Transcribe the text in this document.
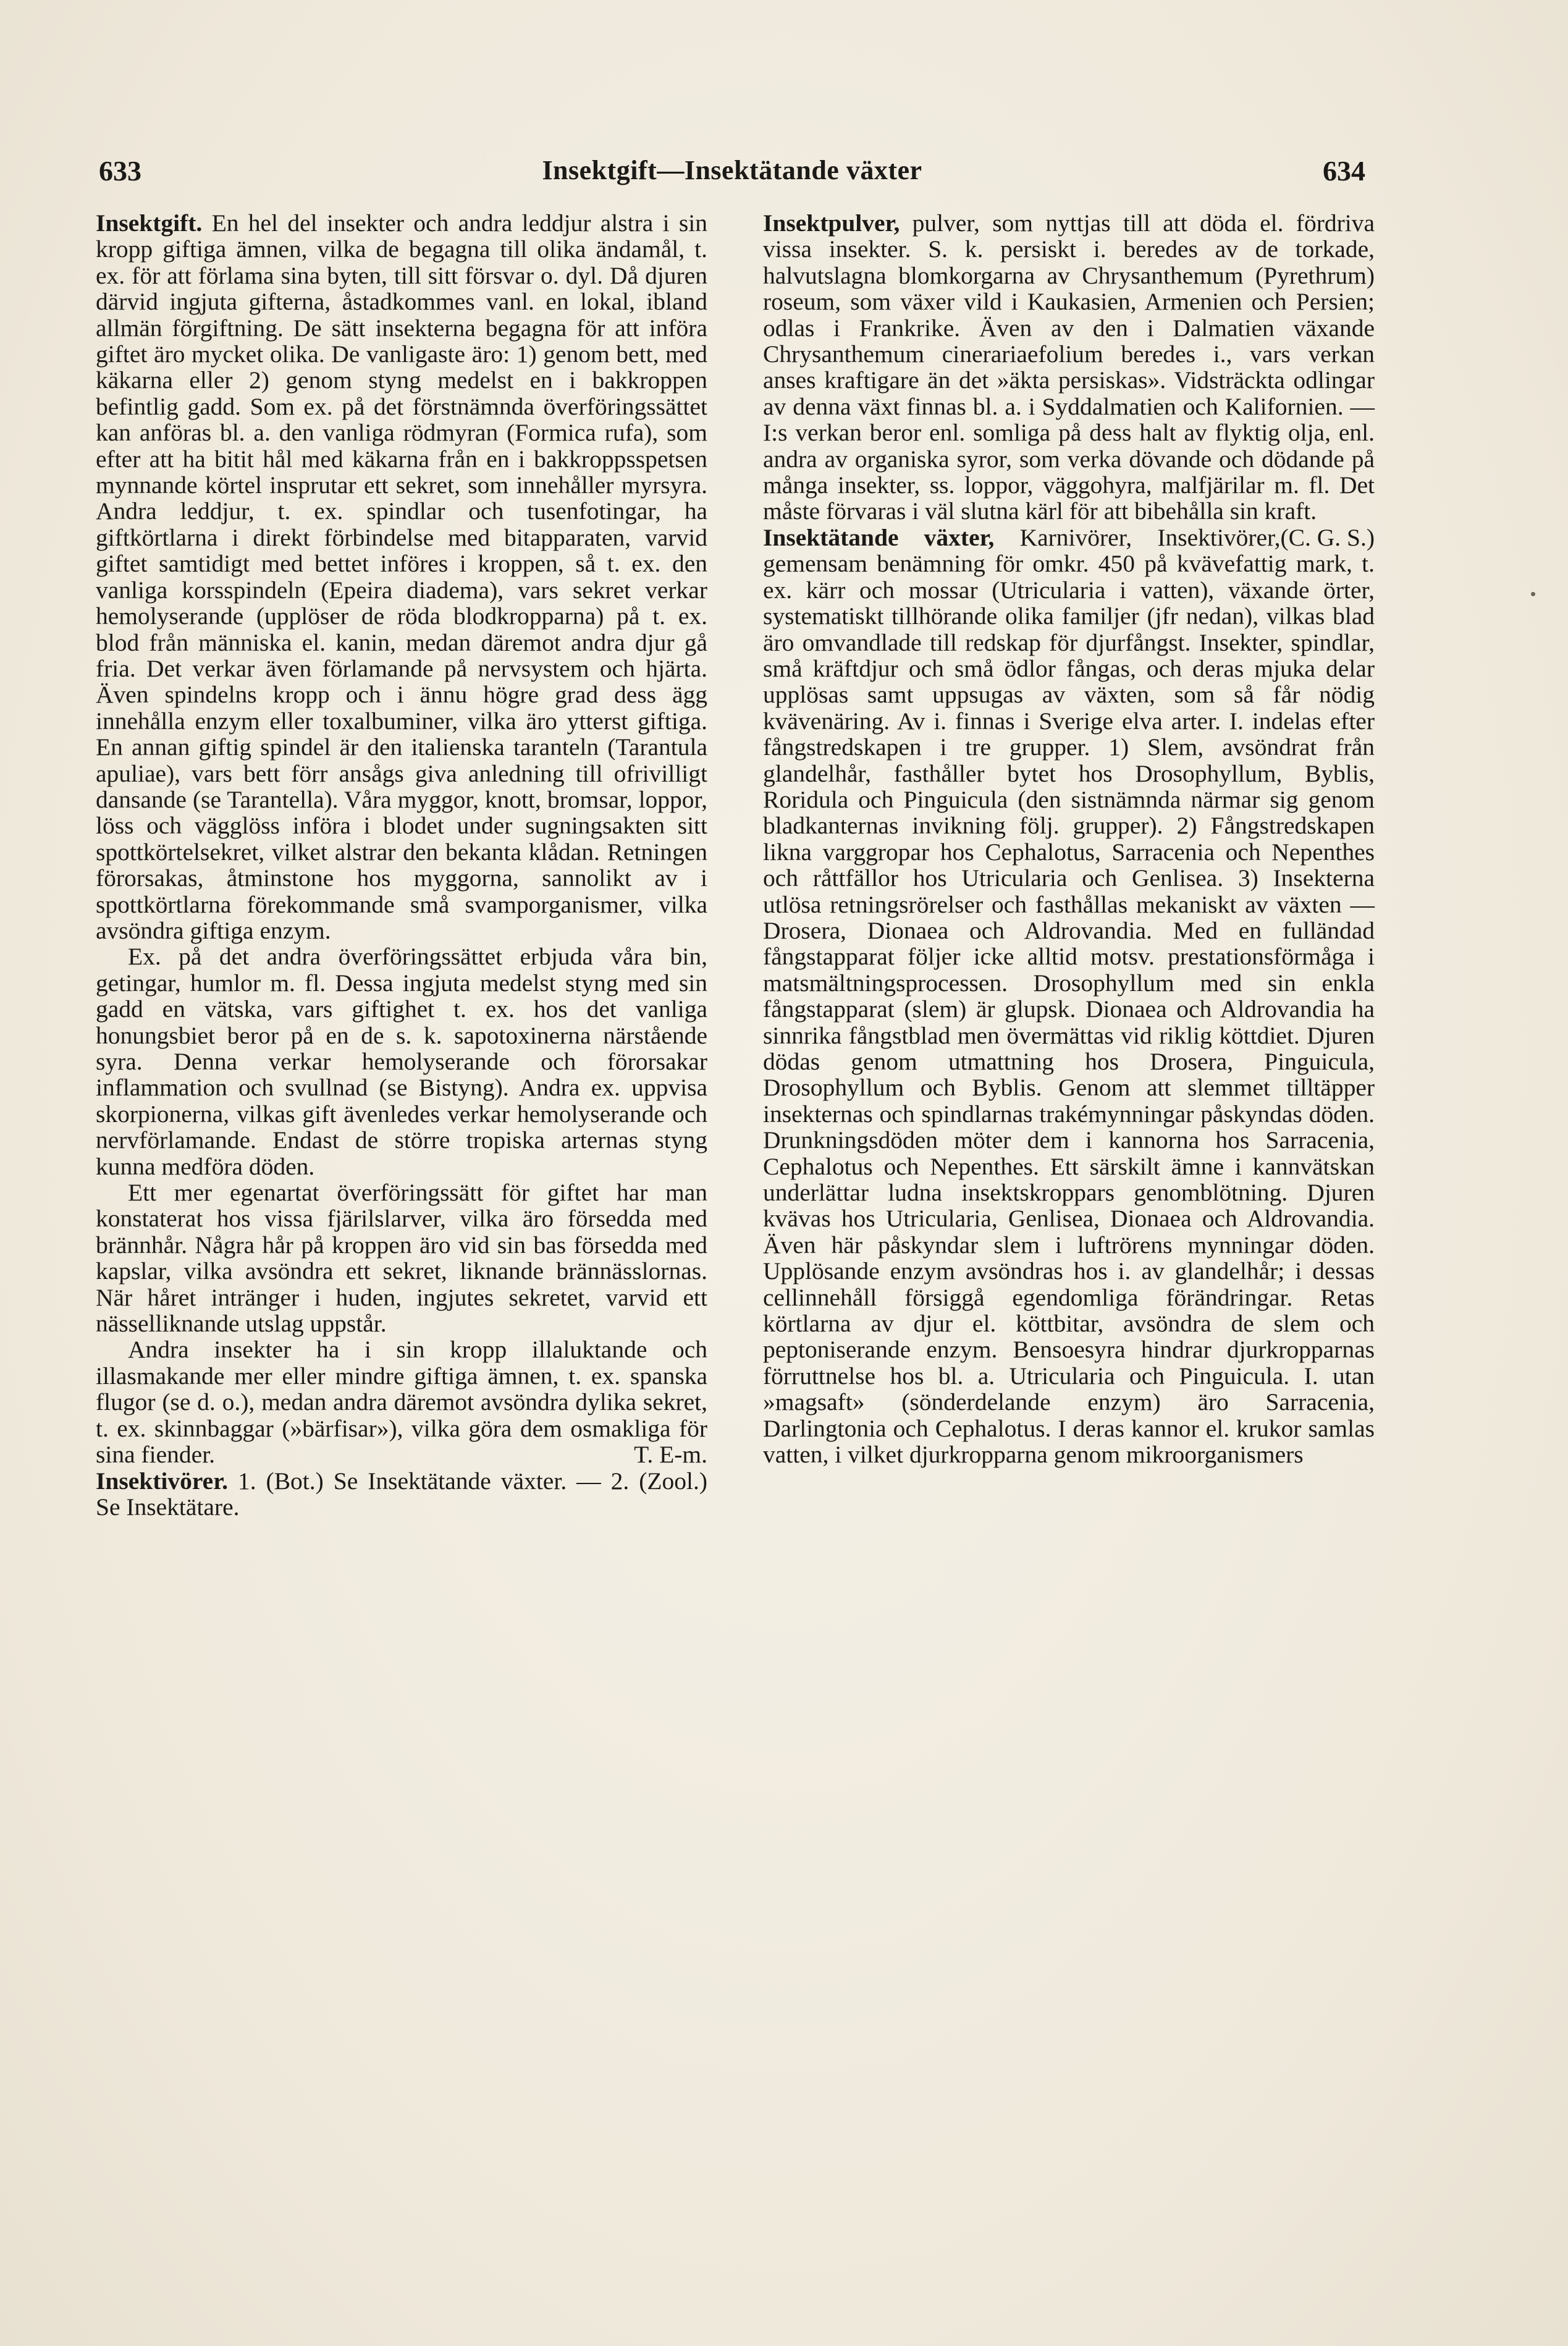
633	Insektgift—Insektätande växter	634

Insektgift. En hel del insekter och andra leddjur alstra i sin kropp giftiga ämnen, vilka de begagna till olika ändamål, t. ex. för att förlama sina byten, till sitt försvar o. dyl. Då djuren därvid ingjuta gifterna, åstadkommes vanl. en lokal, ibland allmän förgiftning. De sätt insekterna begagna för att införa giftet äro mycket olika. De vanligaste äro: 1) genom bett, med käkarna eller 2) genom styng medelst en i bakkroppen befintlig gadd. Som ex. på det förstnämnda överföringssättet kan anföras bl. a. den vanliga rödmyran (Formica rufa), som efter att ha bitit hål med käkarna från en i bakkroppsspetsen mynnande körtel insprutar ett sekret, som innehåller myrsyra. Andra leddjur, t. ex. spindlar och tusenfotingar, ha giftkörtlarna i direkt förbindelse med bitapparaten, varvid giftet samtidigt med bettet införes i kroppen, så t. ex. den vanliga korsspindeln (Epeira diadema), vars sekret verkar hemolyserande (upplöser de röda blodkropparna) på t. ex. blod från människa el. kanin, medan däremot andra djur gå fria. Det verkar även förlamande på nervsystem och hjärta. Även spindelns kropp och i ännu högre grad dess ägg innehålla enzym eller toxalbuminer, vilka äro ytterst giftiga. En annan giftig spindel är den italienska taranteln (Tarantula apuliae), vars bett förr ansågs giva anledning till ofrivilligt dansande (se Tarantella). Våra myggor, knott, bromsar, loppor, löss och vägglöss införa i blodet under sugningsakten sitt spottkörtelsekret, vilket alstrar den bekanta klådan. Retningen förorsakas, åtminstone hos myggorna, sannolikt av i spottkörtlarna förekommande små svamporganismer, vilka avsöndra giftiga enzym.

Ex. på det andra överföringssättet erbjuda våra bin, getingar, humlor m. fl. Dessa ingjuta medelst styng med sin gadd en vätska, vars giftighet t. ex. hos det vanliga honungsbiet beror på en de s. k. sapotoxinerna närstående syra. Denna verkar hemolyserande och förorsakar inflammation och svullnad (se Bistyng). Andra ex. uppvisa skorpionerna, vilkas gift ävenledes verkar hemolyserande och nervförlamande. Endast de större tropiska arternas styng kunna medföra döden.

Ett mer egenartat överföringssätt för giftet har man konstaterat hos vissa fjärilslarver, vilka äro försedda med brännhår. Några hår på kroppen äro vid sin bas försedda med kapslar, vilka avsöndra ett sekret, liknande brännässlornas. När håret intränger i huden, ingjutes sekretet, varvid ett nässelliknande utslag uppstår.

Andra insekter ha i sin kropp illaluktande och illasmakande mer eller mindre giftiga ämnen, t. ex. spanska flugor (se d. o.), medan andra däremot avsöndra dylika sekret, t. ex. skinnbaggar (»bärfisar»), vilka göra dem osmakliga för sina fiender.	T. E-m.

Insektivörer. 1. (Bot.) Se Insektätande växter. — 2. (Zool.) Se Insektätare.

Insektpulver, pulver, som nyttjas till att döda el. fördriva vissa insekter. S. k. persiskt i. beredes av de torkade, halvutslagna blomkorgarna av Chrysanthemum (Pyrethrum) roseum, som växer vild i Kaukasien, Armenien och Persien; odlas i Frankrike. Även av den i Dalmatien växande Chrysanthemum cinerariaefolium beredes i., vars verkan anses kraftigare än det »äkta persiskas». Vidsträckta odlingar av denna växt finnas bl. a. i Syddalmatien och Kalifornien. — I:s verkan beror enl. somliga på dess halt av flyktig olja, enl. andra av organiska syror, som verka dövande och dödande på många insekter, ss. loppor, väggohyra, malfjärilar m. fl. Det måste förvaras i väl slutna kärl för att bibehålla sin kraft.
(C. G. S.)

Insektätande växter, Karnivörer, Insektivörer, gemensam benämning för omkr. 450 på kvävefattig mark, t. ex. kärr och mossar (Utricularia i vatten), växande örter, systematiskt tillhörande olika familjer (jfr nedan), vilkas blad äro omvandlade till redskap för djurfångst. Insekter, spindlar, små kräftdjur och små ödlor fångas, och deras mjuka delar upplösas samt uppsugas av växten, som så får nödig kvävenäring. Av i. finnas i Sverige elva arter. I. indelas efter fångstredskapen i tre grupper. 1) Slem, avsöndrat från glandelhår, fasthåller bytet hos Drosophyllum, Byblis, Roridula och Pinguicula (den sistnämnda närmar sig genom bladkanternas invikning följ. grupper). 2) Fångstredskapen likna varggropar hos Cephalotus, Sarracenia och Nepenthes och råttfällor hos Utricularia och Genlisea. 3) Insekterna utlösa retningsrörelser och fasthållas mekaniskt av växten — Drosera, Dionaea och Aldrovandia. Med en fulländad fångstapparat följer icke alltid motsv. prestationsförmåga i matsmältningsprocessen. Drosophyllum med sin enkla fångstapparat (slem) är glupsk. Dionaea och Aldrovandia ha sinnrika fångstblad men övermättas vid riklig köttdiet. Djuren dödas genom utmattning hos Drosera, Pinguicula, Drosophyllum och Byblis. Genom att slemmet tilltäpper insekternas och spindlarnas trakémynningar påskyndas döden. Drunkningsdöden möter dem i kannorna hos Sarracenia, Cephalotus och Nepenthes. Ett särskilt ämne i kannvätskan underlättar ludna insektskroppars genomblötning. Djuren kvävas hos Utricularia, Genlisea, Dionaea och Aldrovandia. Även här påskyndar slem i luftrörens mynningar döden. Upplösande enzym avsöndras hos i. av glandelhår; i dessas cellinnehåll försiggå egendomliga förändringar. Retas körtlarna av djur el. köttbitar, avsöndra de slem och peptoniserande enzym. Bensoesyra hindrar djurkropparnas förruttnelse hos bl. a. Utricularia och Pinguicula. I. utan »magsaft» (sönderdelande enzym) äro Sarracenia, Darlingtonia och Cephalotus. I deras kannor el. krukor samlas vatten, i vilket djurkropparna genom mikroorganismers
